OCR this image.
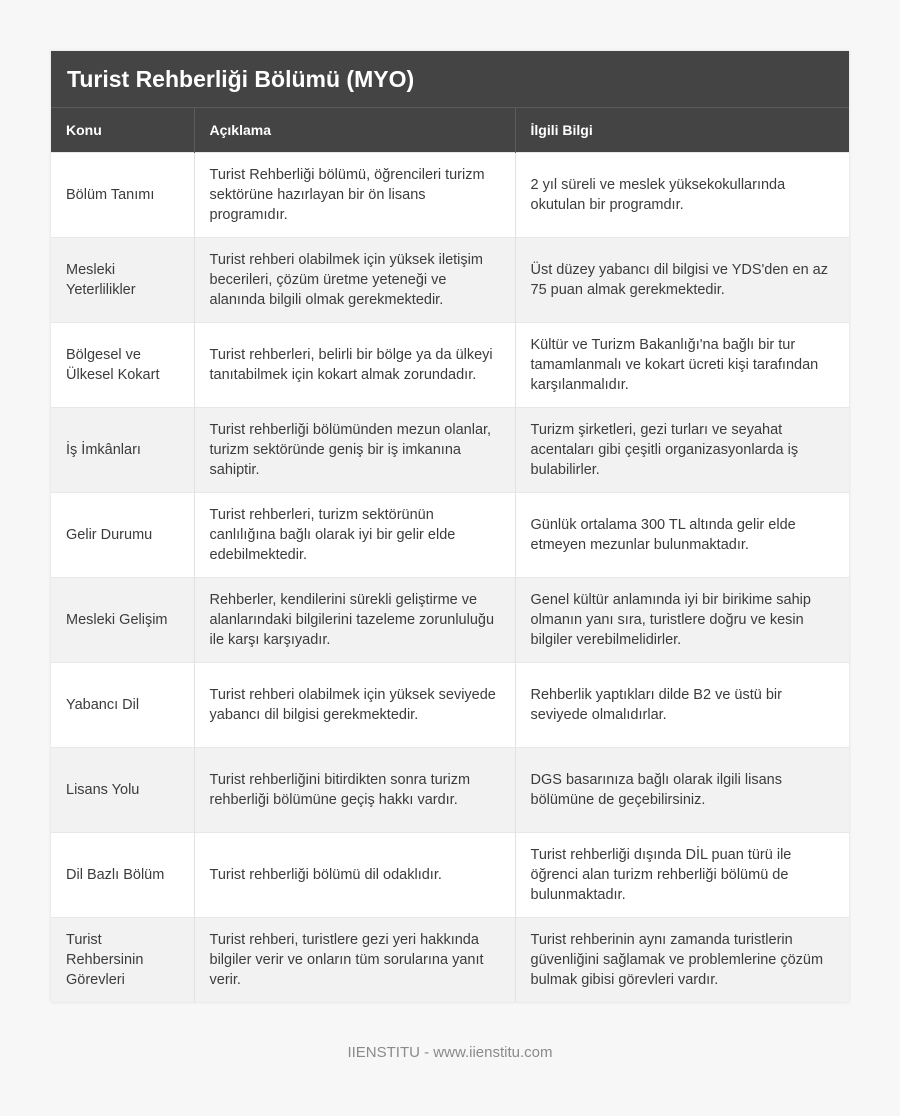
Turist Rehberliği Bölümü (MYO)
Konu	Açıklama	İlgili Bilgi
Bölüm Tanımı	Turist Rehberliği bölümü, öğrencileri turizm sektörüne hazırlayan bir ön lisans programıdır.	2 yıl süreli ve meslek yüksekokullarında okutulan bir programdır.
Mesleki Yeterlilikler	Turist rehberi olabilmek için yüksek iletişim becerileri, çözüm üretme yeteneği ve alanında bilgili olmak gerekmektedir.	Üst düzey yabancı dil bilgisi ve YDS'den en az 75 puan almak gerekmektedir.
Bölgesel ve Ülkesel Kokart	Turist rehberleri, belirli bir bölge ya da ülkeyi tanıtabilmek için kokart almak zorundadır.	Kültür ve Turizm Bakanlığı'na bağlı bir tur tamamlanmalı ve kokart ücreti kişi tarafından karşılanmalıdır.
İş İmkânları	Turist rehberliği bölümünden mezun olanlar, turizm sektöründe geniş bir iş imkanına sahiptir.	Turizm şirketleri, gezi turları ve seyahat acentaları gibi çeşitli organizasyonlarda iş bulabilirler.
Gelir Durumu	Turist rehberleri, turizm sektörünün canlılığına bağlı olarak iyi bir gelir elde edebilmektedir.	Günlük ortalama 300 TL altında gelir elde etmeyen mezunlar bulunmaktadır.
Mesleki Gelişim	Rehberler, kendilerini sürekli geliştirme ve alanlarındaki bilgilerini tazeleme zorunluluğu ile karşı karşıyadır.	Genel kültür anlamında iyi bir birikime sahip olmanın yanı sıra, turistlere doğru ve kesin bilgiler verebilmelidirler.
Yabancı Dil	Turist rehberi olabilmek için yüksek seviyede yabancı dil bilgisi gerekmektedir.	Rehberlik yaptıkları dilde B2 ve üstü bir seviyede olmalıdırlar.
Lisans Yolu	Turist rehberliğini bitirdikten sonra turizm rehberliği bölümüne geçiş hakkı vardır.	DGS basarınıza bağlı olarak ilgili lisans bölümüne de geçebilirsiniz.
Dil Bazlı Bölüm	Turist rehberliği bölümü dil odaklıdır.	Turist rehberliği dışında DİL puan türü ile öğrenci alan turizm rehberliği bölümü de bulunmaktadır.
Turist Rehbersinin Görevleri	Turist rehberi, turistlere gezi yeri hakkında bilgiler verir ve onların tüm sorularına yanıt verir.	Turist rehberinin aynı zamanda turistlerin güvenliğini sağlamak ve problemlerine çözüm bulmak gibisi görevleri vardır.
IIENSTITU - www.iienstitu.com
